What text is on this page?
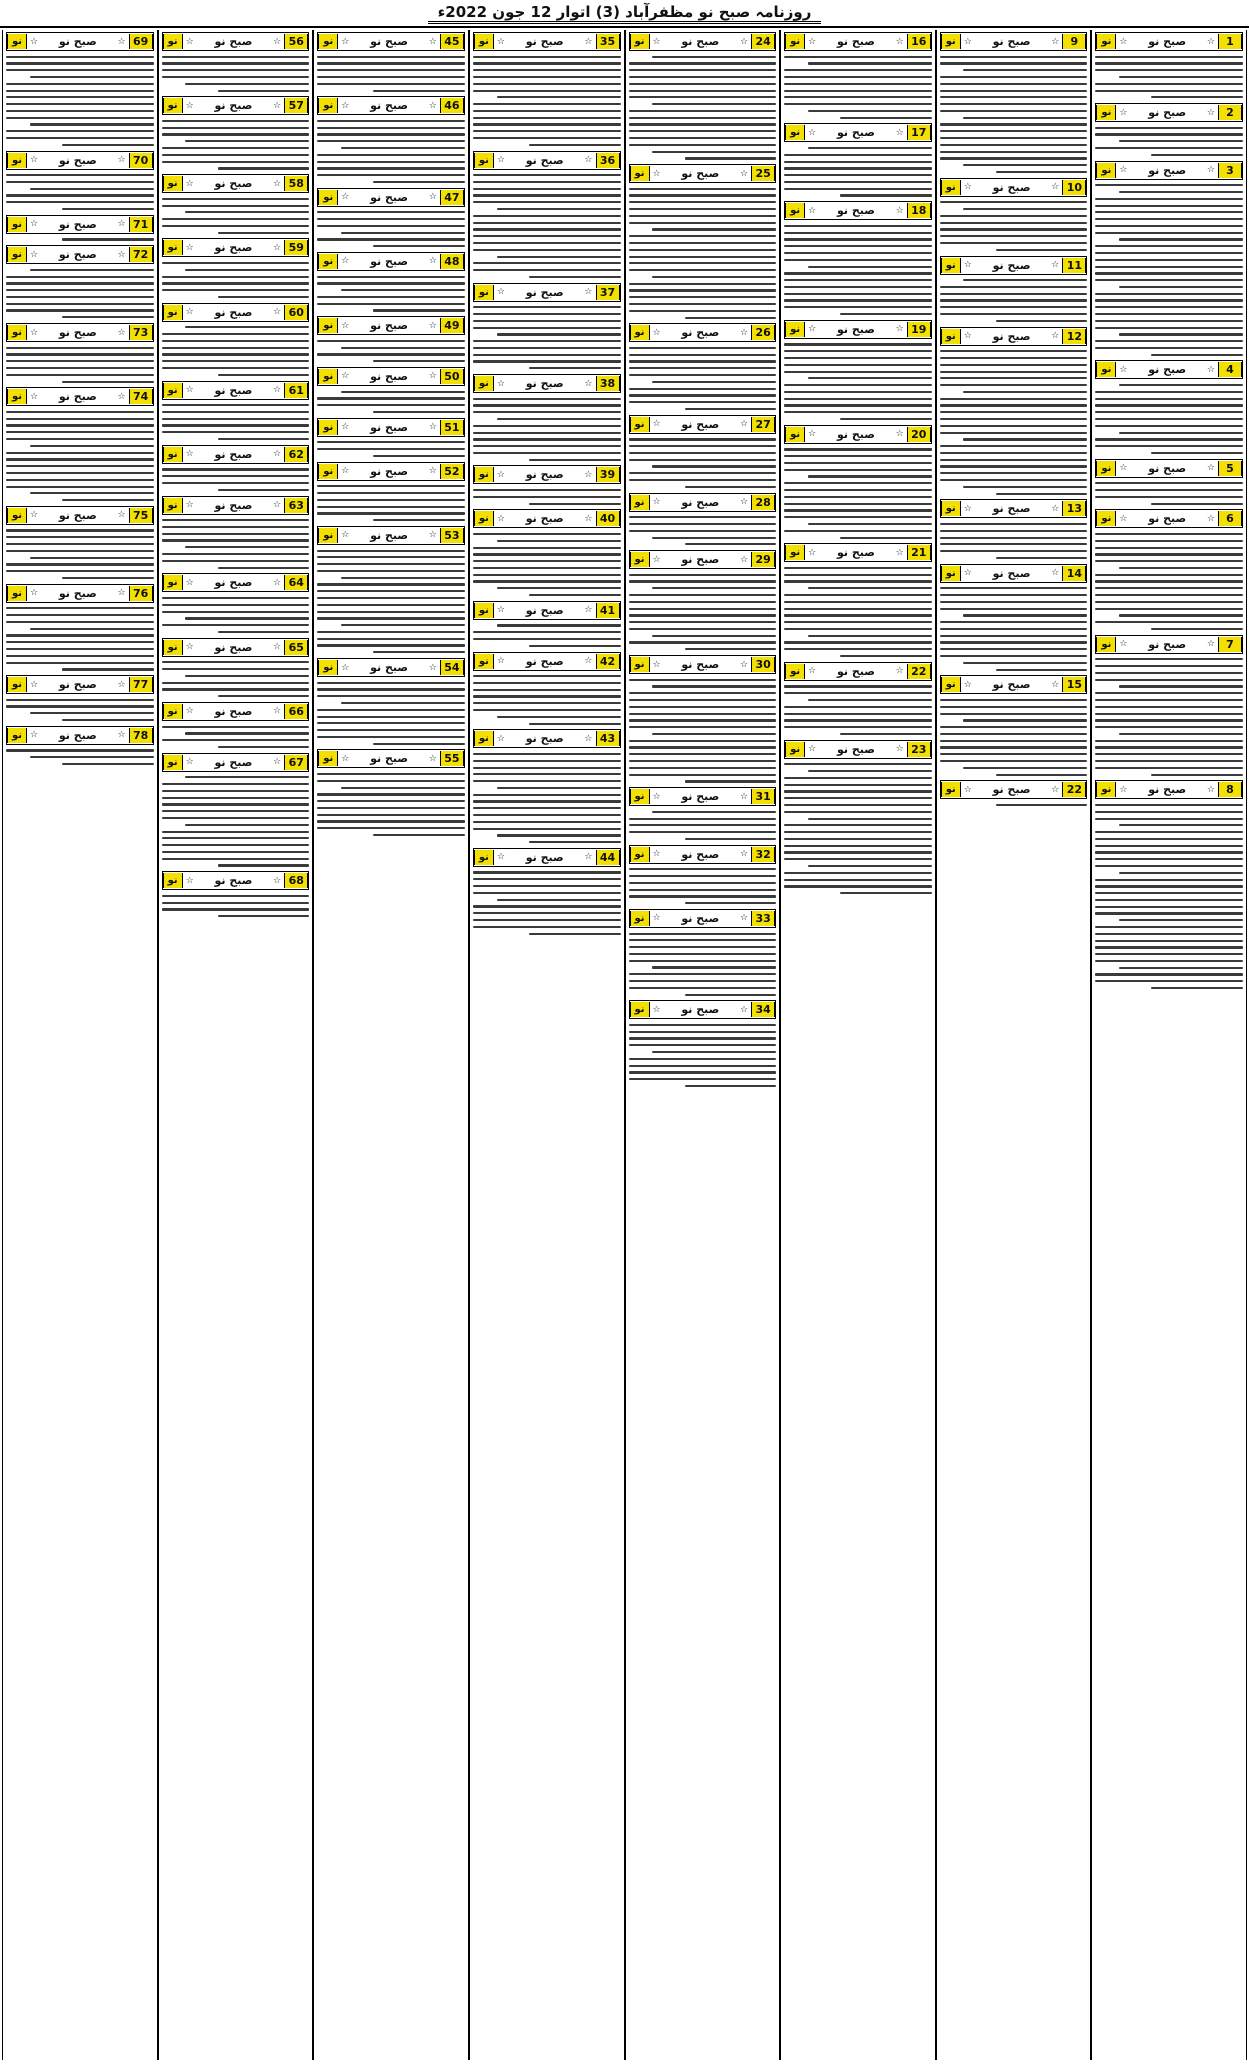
روزنامہ صبح نو مظفرآباد (3) اتوار 12 جون 2022ء
1
☆
صبح نو
☆
نو
2
☆
صبح نو
☆
نو
3
☆
صبح نو
☆
نو
4
☆
صبح نو
☆
نو
5
☆
صبح نو
☆
نو
6
☆
صبح نو
☆
نو
7
☆
صبح نو
☆
نو
8
☆
صبح نو
☆
نو
9
☆
صبح نو
☆
نو
10
☆
صبح نو
☆
نو
11
☆
صبح نو
☆
نو
12
☆
صبح نو
☆
نو
13
☆
صبح نو
☆
نو
14
☆
صبح نو
☆
نو
15
☆
صبح نو
☆
نو
22
☆
صبح نو
☆
نو
16
☆
صبح نو
☆
نو
17
☆
صبح نو
☆
نو
18
☆
صبح نو
☆
نو
19
☆
صبح نو
☆
نو
20
☆
صبح نو
☆
نو
21
☆
صبح نو
☆
نو
22
☆
صبح نو
☆
نو
23
☆
صبح نو
☆
نو
24
☆
صبح نو
☆
نو
25
☆
صبح نو
☆
نو
26
☆
صبح نو
☆
نو
27
☆
صبح نو
☆
نو
28
☆
صبح نو
☆
نو
29
☆
صبح نو
☆
نو
30
☆
صبح نو
☆
نو
31
☆
صبح نو
☆
نو
32
☆
صبح نو
☆
نو
33
☆
صبح نو
☆
نو
34
☆
صبح نو
☆
نو
35
☆
صبح نو
☆
نو
36
☆
صبح نو
☆
نو
37
☆
صبح نو
☆
نو
38
☆
صبح نو
☆
نو
39
☆
صبح نو
☆
نو
40
☆
صبح نو
☆
نو
41
☆
صبح نو
☆
نو
42
☆
صبح نو
☆
نو
43
☆
صبح نو
☆
نو
44
☆
صبح نو
☆
نو
45
☆
صبح نو
☆
نو
46
☆
صبح نو
☆
نو
47
☆
صبح نو
☆
نو
48
☆
صبح نو
☆
نو
49
☆
صبح نو
☆
نو
50
☆
صبح نو
☆
نو
51
☆
صبح نو
☆
نو
52
☆
صبح نو
☆
نو
53
☆
صبح نو
☆
نو
54
☆
صبح نو
☆
نو
55
☆
صبح نو
☆
نو
56
☆
صبح نو
☆
نو
57
☆
صبح نو
☆
نو
58
☆
صبح نو
☆
نو
59
☆
صبح نو
☆
نو
60
☆
صبح نو
☆
نو
61
☆
صبح نو
☆
نو
62
☆
صبح نو
☆
نو
63
☆
صبح نو
☆
نو
64
☆
صبح نو
☆
نو
65
☆
صبح نو
☆
نو
66
☆
صبح نو
☆
نو
67
☆
صبح نو
☆
نو
68
☆
صبح نو
☆
نو
69
☆
صبح نو
☆
نو
70
☆
صبح نو
☆
نو
71
☆
صبح نو
☆
نو
72
☆
صبح نو
☆
نو
73
☆
صبح نو
☆
نو
74
☆
صبح نو
☆
نو
75
☆
صبح نو
☆
نو
76
☆
صبح نو
☆
نو
77
☆
صبح نو
☆
نو
78
☆
صبح نو
☆
نو
